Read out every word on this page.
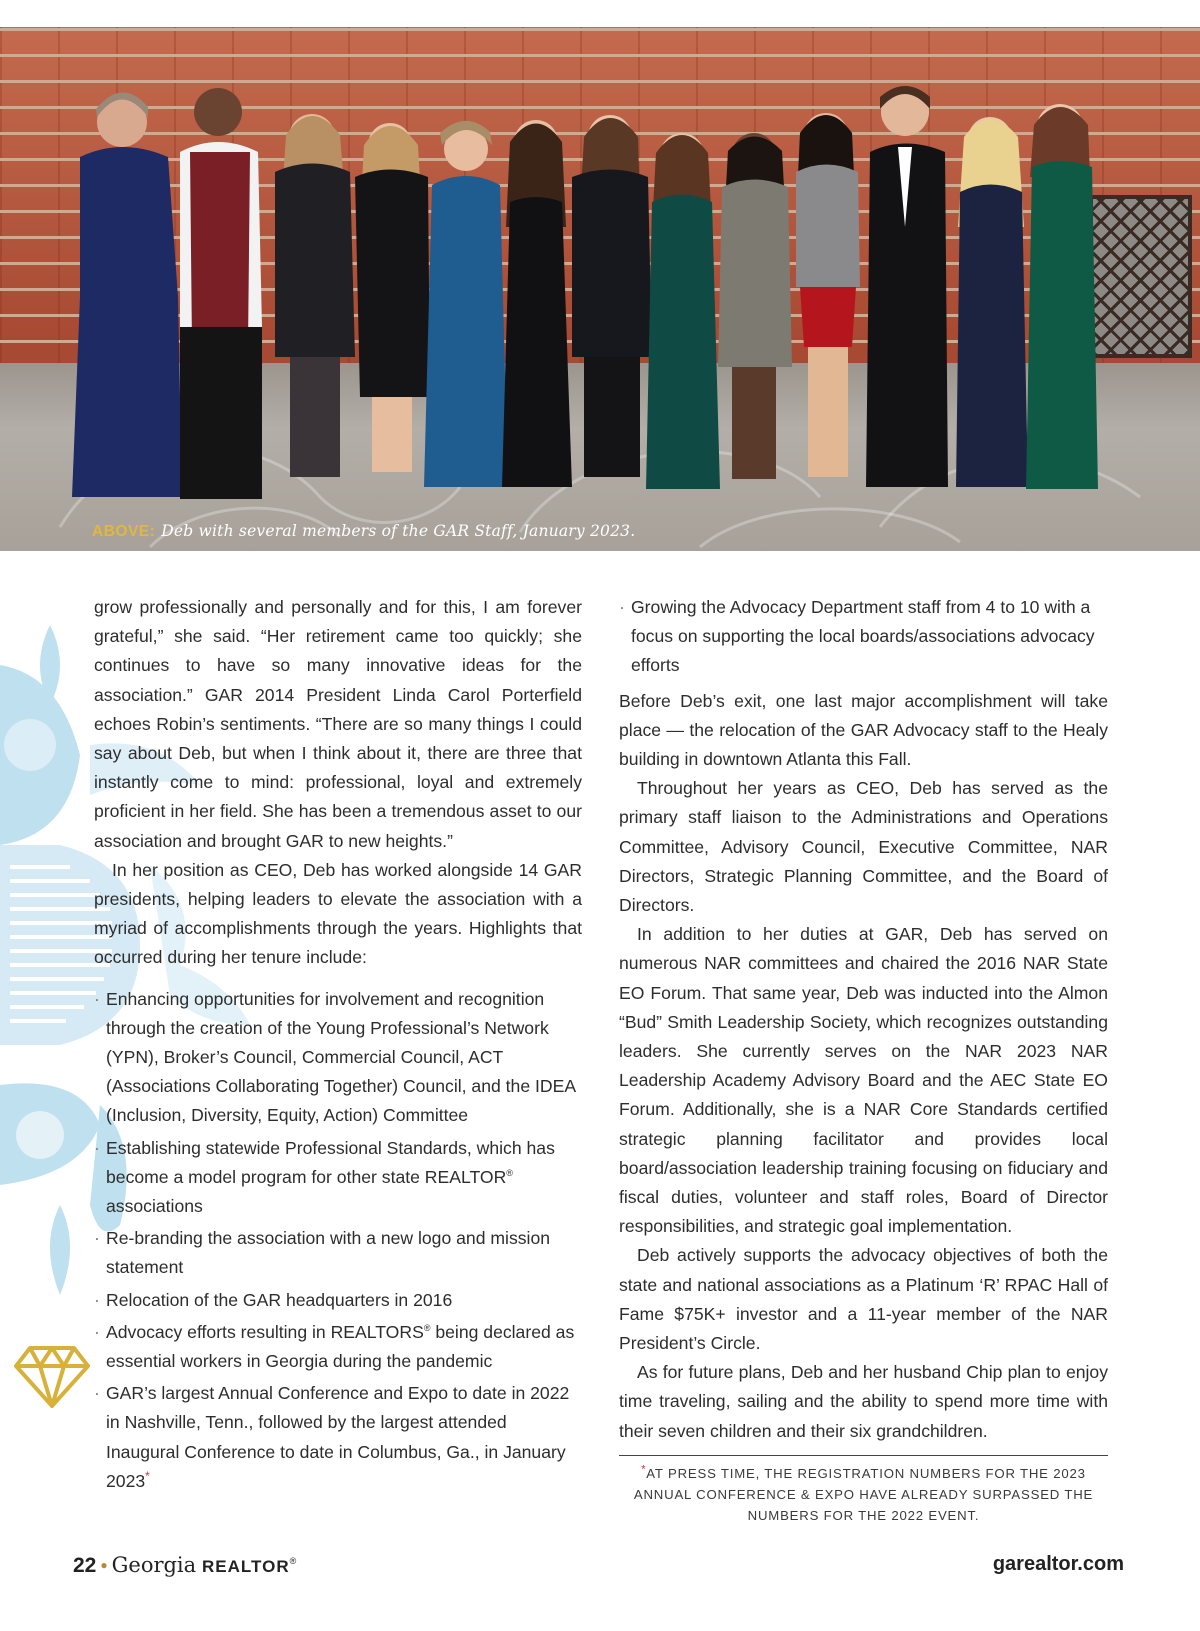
ABOVE: Deb with several members of the GAR Staff, January 2023.

grow professionally and personally and for this, I am forever grateful,” she said. “Her retirement came too quickly; she continues to have so many innovative ideas for the association.” GAR 2014 President Linda Carol Porterfield echoes Robin’s sentiments. “There are so many things I could say about Deb, but when I think about it, there are three that instantly come to mind: professional, loyal and extremely proficient in her field. She has been a tremendous asset to our association and brought GAR to new heights.”

In her position as CEO, Deb has worked alongside 14 GAR presidents, helping leaders to elevate the association with a myriad of accomplishments through the years. Highlights that occurred during her tenure include:

· Enhancing opportunities for involvement and recognition through the creation of the Young Professional’s Network (YPN), Broker’s Council, Commercial Council, ACT (Associations Collaborating Together) Council, and the IDEA (Inclusion, Diversity, Equity, Action) Committee
· Establishing statewide Professional Standards, which has become a model program for other state REALTOR® associations
· Re-branding the association with a new logo and mission statement
· Relocation of the GAR headquarters in 2016
· Advocacy efforts resulting in REALTORS® being declared as essential workers in Georgia during the pandemic
· GAR’s largest Annual Conference and Expo to date in 2022 in Nashville, Tenn., followed by the largest attended Inaugural Conference to date in Columbus, Ga., in January 2023*
· Growing the Advocacy Department staff from 4 to 10 with a focus on supporting the local boards/associations advocacy efforts

Before Deb’s exit, one last major accomplishment will take place — the relocation of the GAR Advocacy staff to the Healy building in downtown Atlanta this Fall.

Throughout her years as CEO, Deb has served as the primary staff liaison to the Administrations and Operations Committee, Advisory Council, Executive Committee, NAR Directors, Strategic Planning Committee, and the Board of Directors.

In addition to her duties at GAR, Deb has served on numerous NAR committees and chaired the 2016 NAR State EO Forum. That same year, Deb was inducted into the Almon “Bud” Smith Leadership Society, which recognizes outstanding leaders. She currently serves on the NAR 2023 NAR Leadership Academy Advisory Board and the AEC State EO Forum. Additionally, she is a NAR Core Standards certified strategic planning facilitator and provides local board/association leadership training focusing on fiduciary and fiscal duties, volunteer and staff roles, Board of Director responsibilities, and strategic goal implementation.

Deb actively supports the advocacy objectives of both the state and national associations as a Platinum ‘R’ RPAC Hall of Fame $75K+ investor and a 11-year member of the NAR President’s Circle.

As for future plans, Deb and her husband Chip plan to enjoy time traveling, sailing and the ability to spend more time with their seven children and their six grandchildren.

*AT PRESS TIME, THE REGISTRATION NUMBERS FOR THE 2023 ANNUAL CONFERENCE & EXPO HAVE ALREADY SURPASSED THE NUMBERS FOR THE 2022 EVENT.
22 ● Georgia REALTOR®	garealtor.com
